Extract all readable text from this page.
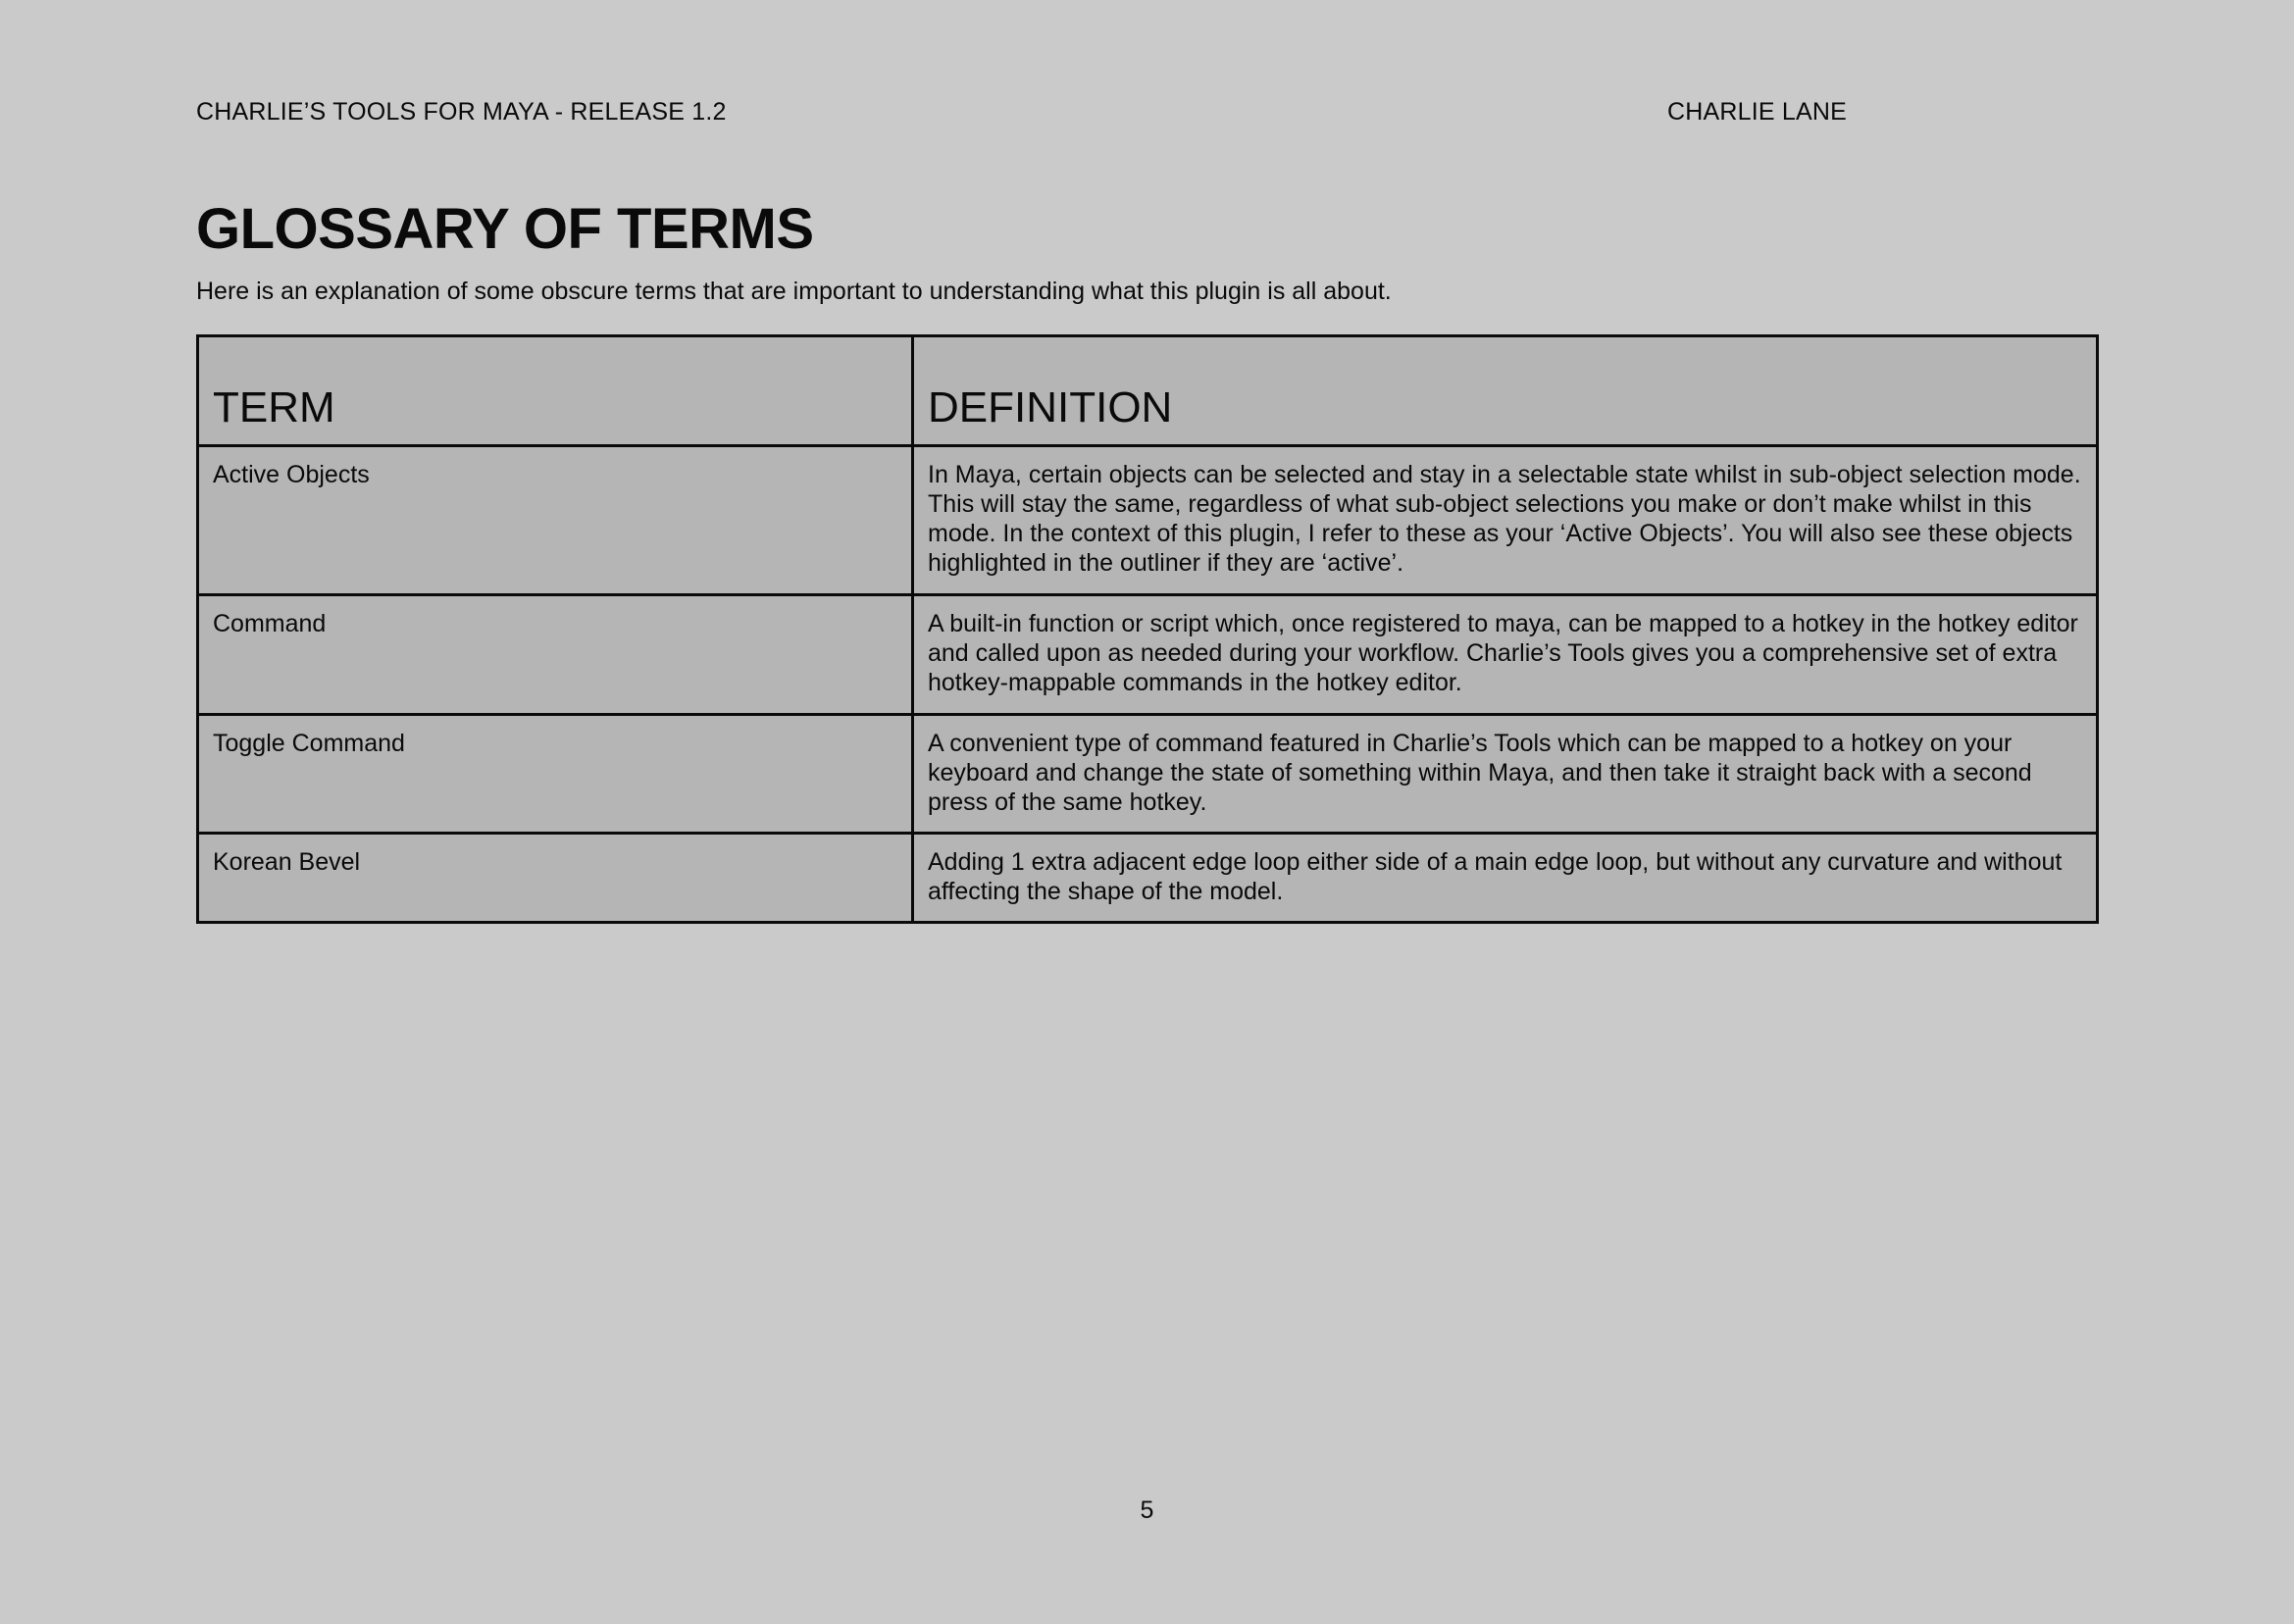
CHARLIE’S TOOLS FOR MAYA - RELEASE 1.2	CHARLIE LANE
GLOSSARY OF TERMS
Here is an explanation of some obscure terms that are important to understanding what this plugin is all about.
TERM	DEFINITION
Active Objects	In Maya, certain objects can be selected and stay in a selectable state whilst in sub-object selection mode. This will stay the same, regardless of what sub-object selections you make or don’t make whilst in this mode. In the context of this plugin, I refer to these as your ‘Active Objects’. You will also see these objects highlighted in the outliner if they are ‘active’.
Command	A built-in function or script which, once registered to maya, can be mapped to a hotkey in the hotkey editor and called upon as needed during your workflow. Charlie’s Tools gives you a comprehensive set of extra hotkey-mappable commands in the hotkey editor.
Toggle Command	A convenient type of command featured in Charlie’s Tools which can be mapped to a hotkey on your keyboard and change the state of something within Maya, and then take it straight back with a second press of the same hotkey.
Korean Bevel	Adding 1 extra adjacent edge loop either side of a main edge loop, but without any curvature and without affecting the shape of the model.
5
